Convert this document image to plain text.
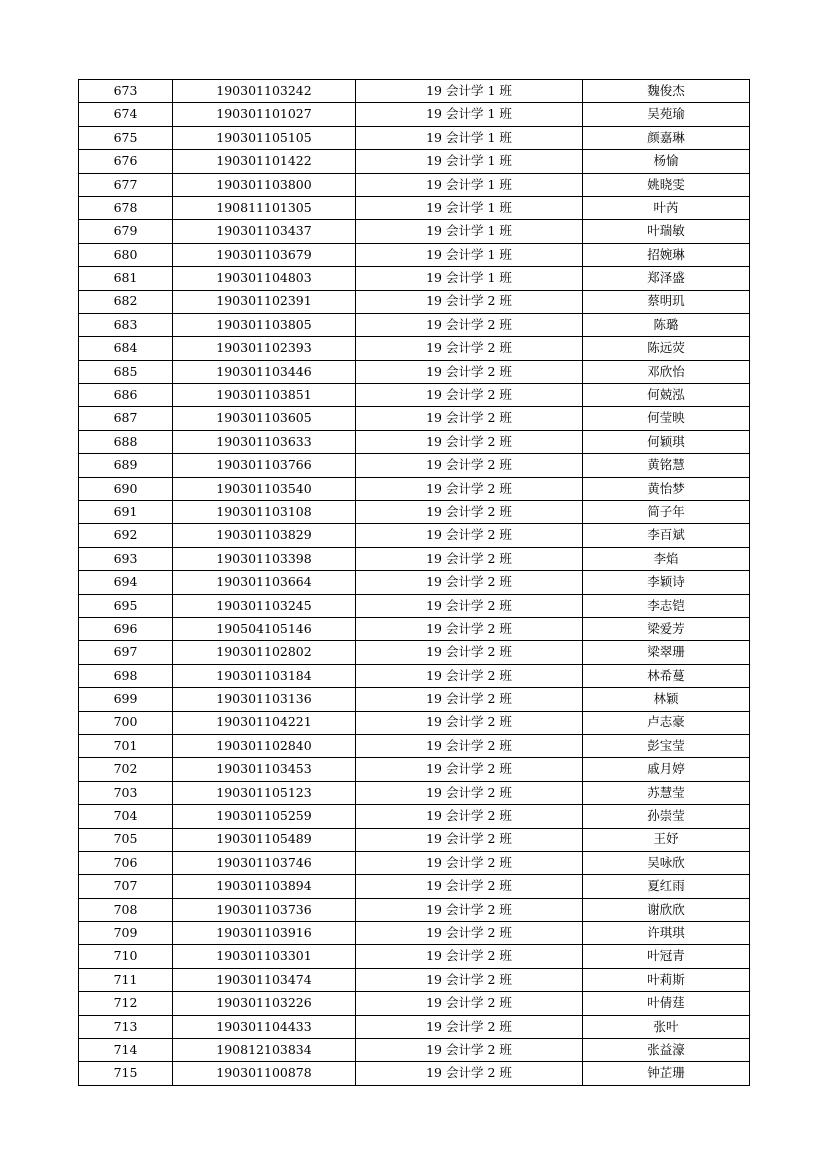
673	190301103242	19 会计学 1 班	魏俊杰
674	190301101027	19 会计学 1 班	吴苑瑜
675	190301105105	19 会计学 1 班	颜嘉琳
676	190301101422	19 会计学 1 班	杨愉
677	190301103800	19 会计学 1 班	姚晓雯
678	190811101305	19 会计学 1 班	叶芮
679	190301103437	19 会计学 1 班	叶瑞敏
680	190301103679	19 会计学 1 班	招婉琳
681	190301104803	19 会计学 1 班	郑泽盛
682	190301102391	19 会计学 2 班	蔡明玑
683	190301103805	19 会计学 2 班	陈璐
684	190301102393	19 会计学 2 班	陈远荧
685	190301103446	19 会计学 2 班	邓欣怡
686	190301103851	19 会计学 2 班	何兢泓
687	190301103605	19 会计学 2 班	何莹映
688	190301103633	19 会计学 2 班	何颖琪
689	190301103766	19 会计学 2 班	黄铭慧
690	190301103540	19 会计学 2 班	黄怡梦
691	190301103108	19 会计学 2 班	简子年
692	190301103829	19 会计学 2 班	李百斌
693	190301103398	19 会计学 2 班	李焰
694	190301103664	19 会计学 2 班	李颖诗
695	190301103245	19 会计学 2 班	李志铠
696	190504105146	19 会计学 2 班	梁爱芳
697	190301102802	19 会计学 2 班	梁翠珊
698	190301103184	19 会计学 2 班	林希蔓
699	190301103136	19 会计学 2 班	林颖
700	190301104221	19 会计学 2 班	卢志豪
701	190301102840	19 会计学 2 班	彭宝莹
702	190301103453	19 会计学 2 班	戚月婷
703	190301105123	19 会计学 2 班	苏慧莹
704	190301105259	19 会计学 2 班	孙崇莹
705	190301105489	19 会计学 2 班	王妤
706	190301103746	19 会计学 2 班	吴咏欣
707	190301103894	19 会计学 2 班	夏红雨
708	190301103736	19 会计学 2 班	谢欣欣
709	190301103916	19 会计学 2 班	许琪琪
710	190301103301	19 会计学 2 班	叶冠青
711	190301103474	19 会计学 2 班	叶莉斯
712	190301103226	19 会计学 2 班	叶倩莛
713	190301104433	19 会计学 2 班	张叶
714	190812103834	19 会计学 2 班	张益濠
715	190301100878	19 会计学 2 班	钟芷珊
